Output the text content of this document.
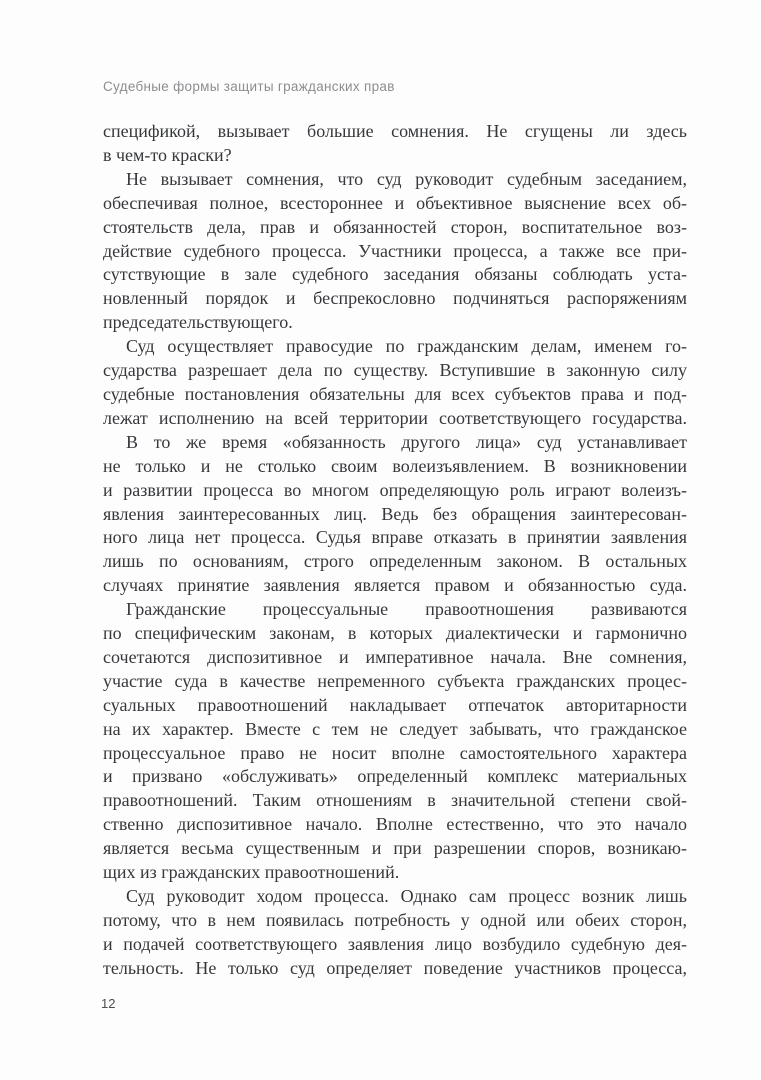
Судебные формы защиты гражданских прав
спецификой, вызывает большие сомнения. Не сгущены ли здесь
в чем-то краски?
Не вызывает сомнения, что суд руководит судебным заседанием,
обеспечивая полное, всестороннее и объективное выяснение всех об-
стоятельств дела, прав и обязанностей сторон, воспитательное воз-
действие судебного процесса. Участники процесса, а также все при-
сутствующие в зале судебного заседания обязаны соблюдать уста-
новленный порядок и беспрекословно подчиняться распоряжениям
председательствующего.
Суд осуществляет правосудие по гражданским делам, именем го-
сударства разрешает дела по существу. Вступившие в законную силу
судебные постановления обязательны для всех субъектов права и под-
лежат исполнению на всей территории соответствующего государства.
В то же время «обязанность другого лица» суд устанавливает
не только и не столько своим волеизъявлением. В возникновении
и развитии процесса во многом определяющую роль играют волеизъ-
явления заинтересованных лиц. Ведь без обращения заинтересован-
ного лица нет процесса. Судья вправе отказать в принятии заявления
лишь по основаниям, строго определенным законом. В остальных
случаях принятие заявления является правом и обязанностью суда.
Гражданские процессуальные правоотношения развиваются
по специфическим законам, в которых диалектически и гармонично
сочетаются диспозитивное и императивное начала. Вне сомнения,
участие суда в качестве непременного субъекта гражданских процес-
суальных правоотношений накладывает отпечаток авторитарности
на их характер. Вместе с тем не следует забывать, что гражданское
процессуальное право не носит вполне самостоятельного характера
и призвано «обслуживать» определенный комплекс материальных
правоотношений. Таким отношениям в значительной степени свой-
ственно диспозитивное начало. Вполне естественно, что это начало
является весьма существенным и при разрешении споров, возникаю-
щих из гражданских правоотношений.
Суд руководит ходом процесса. Однако сам процесс возник лишь
потому, что в нем появилась потребность у одной или обеих сторон,
и подачей соответствующего заявления лицо возбудило судебную дея-
тельность. Не только суд определяет поведение участников процесса,
12
